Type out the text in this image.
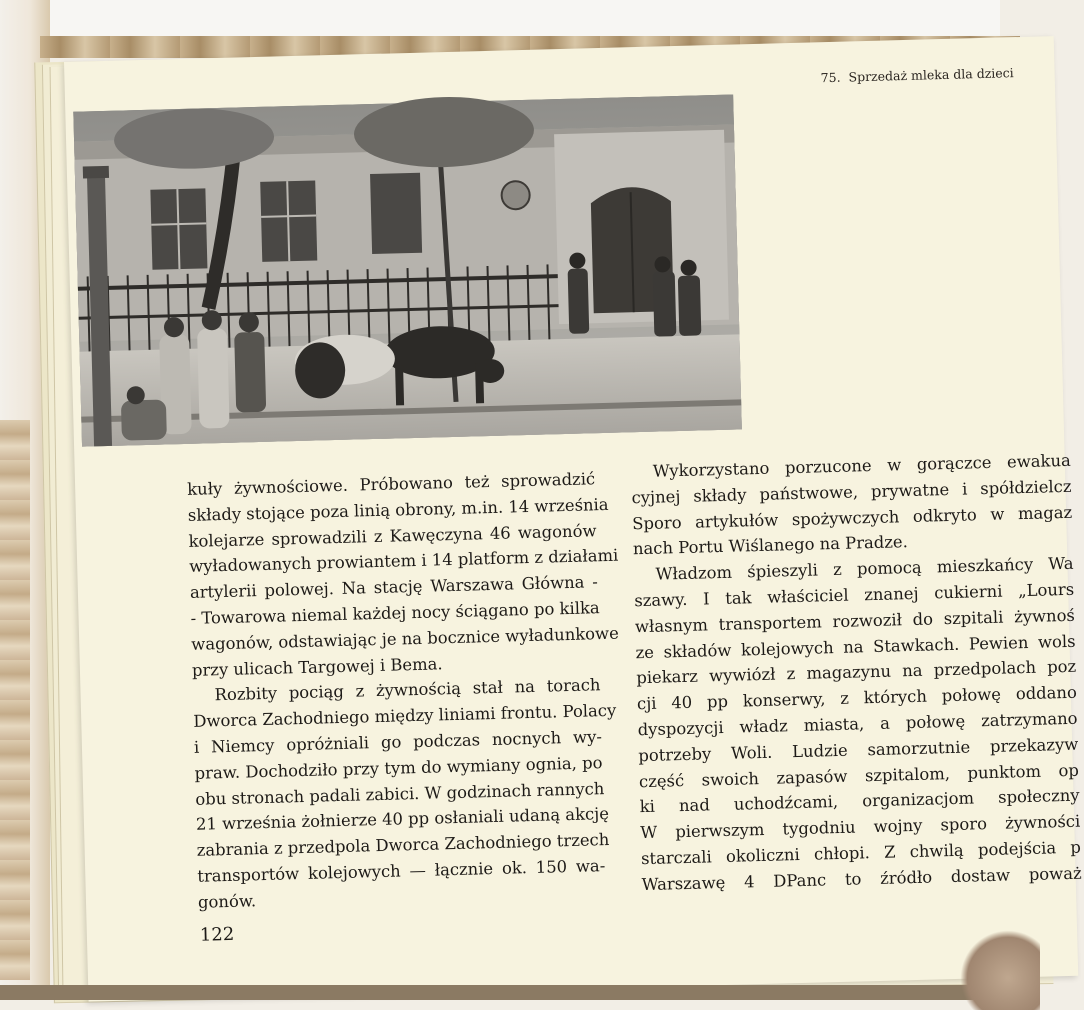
75. Sprzedaż mleka dla dzieci
kuły żywnościowe. Próbowano też sprowadzić
składy stojące poza linią obrony, m.in. 14 września
kolejarze sprowadzili z Kawęczyna 46 wagonów
wyładowanych prowiantem i 14 platform z działami
artylerii polowej. Na stację Warszawa Główna -
- Towarowa niemal każdej nocy ściągano po kilka
wagonów, odstawiając je na bocznice wyładunkowe
przy ulicach Targowej i Bema.
Rozbity pociąg z żywnością stał na torach
Dworca Zachodniego między liniami frontu. Polacy
i Niemcy opróżniali go podczas nocnych wy-
praw. Dochodziło przy tym do wymiany ognia, po
obu stronach padali zabici. W godzinach rannych
21 września żołnierze 40 pp osłaniali udaną akcję
zabrania z przedpola Dworca Zachodniego trzech
transportów kolejowych — łącznie ok. 150 wa-
gonów.
Wykorzystano porzucone w gorączce ewakua
cyjnej składy państwowe, prywatne i spółdzielcz
Sporo artykułów spożywczych odkryto w magaz
nach Portu Wiślanego na Pradze.
Władzom śpieszyli z pomocą mieszkańcy Wa
szawy. I tak właściciel znanej cukierni „Lours
własnym transportem rozwoził do szpitali żywnoś
ze składów kolejowych na Stawkach. Pewien wols
piekarz wywiózł z magazynu na przedpolach poz
cji 40 pp konserwy, z których połowę oddano
dyspozycji władz miasta, a połowę zatrzymano
potrzeby Woli. Ludzie samorzutnie przekazyw
część swoich zapasów szpitalom, punktom op
ki nad uchodźcami, organizacjom społeczny
W pierwszym tygodniu wojny sporo żywności
starczali okoliczni chłopi. Z chwilą podejścia p
Warszawę 4 DPanc to źródło dostaw poważ
122
